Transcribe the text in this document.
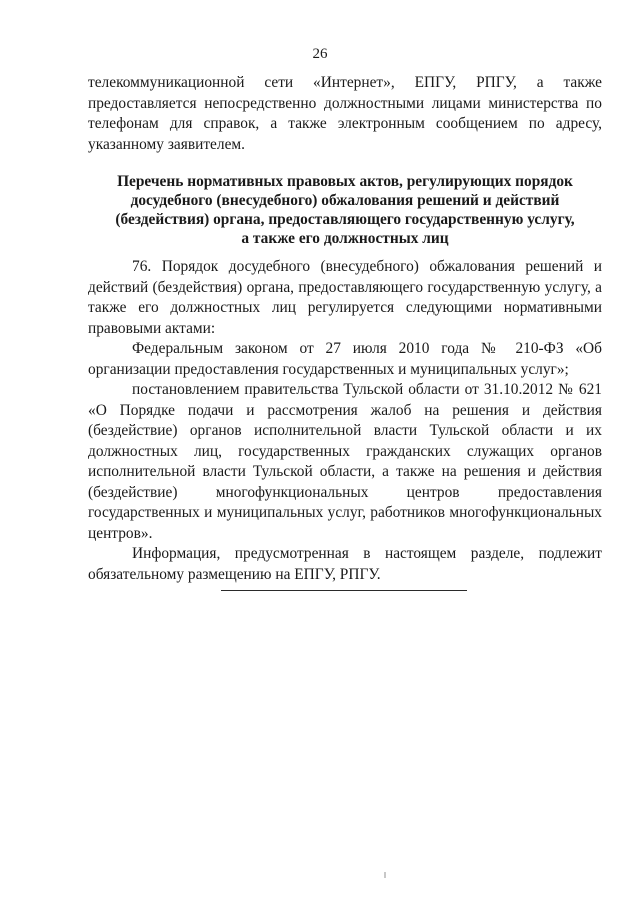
26

телекоммуникационной сети «Интернет», ЕПГУ, РПГУ, а также предоставляется непосредственно должностными лицами министерства по телефонам для справок, а также электронным сообщением по адресу, указанному заявителем.

Перечень нормативных правовых актов, регулирующих порядок
досудебного (внесудебного) обжалования решений и действий
(бездействия) органа, предоставляющего государственную услугу,
а также его должностных лиц

76. Порядок досудебного (внесудебного) обжалования решений и действий (бездействия) органа, предоставляющего государственную услугу, а также его должностных лиц регулируется следующими нормативными правовыми актами:

Федеральным законом от 27 июля 2010 года № 210-ФЗ «Об организации предоставления государственных и муниципальных услуг»;

постановлением правительства Тульской области от 31.10.2012 № 621 «О Порядке подачи и рассмотрения жалоб на решения и действия (бездействие) органов исполнительной власти Тульской области и их должностных лиц, государственных гражданских служащих органов исполнительной власти Тульской области, а также на решения и действия (бездействие) многофункциональных центров предоставления государственных и муниципальных услуг, работников многофункциональных центров».

Информация, предусмотренная в настоящем разделе, подлежит обязательному размещению на ЕПГУ, РПГУ.
